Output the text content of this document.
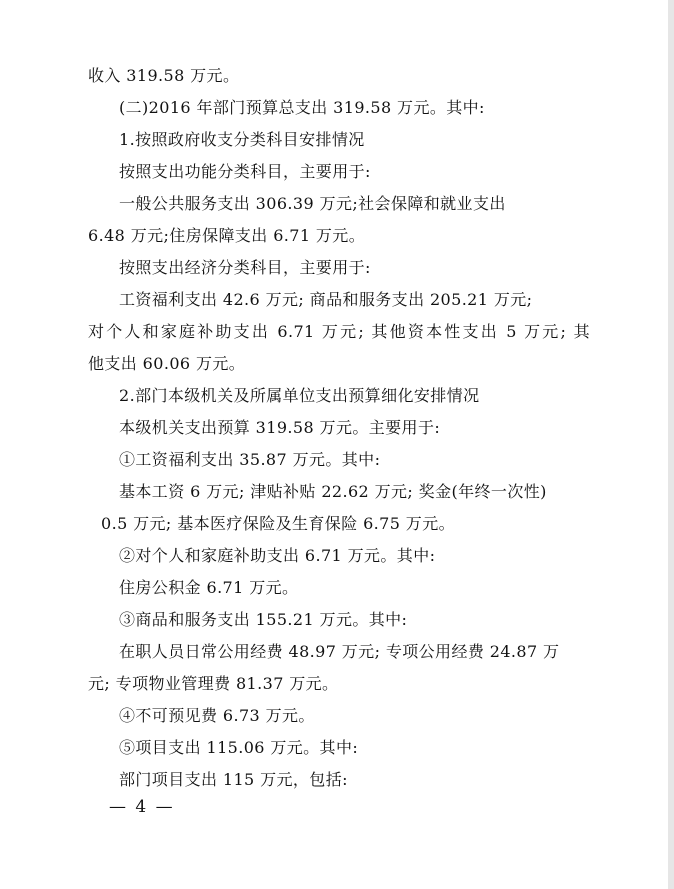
收入 319.58 万元。
(二)2016 年部门预算总支出 319.58 万元。其中:
1.按照政府收支分类科目安排情况
按照支出功能分类科目，主要用于:
一般公共服务支出 306.39 万元;社会保障和就业支出
6.48 万元;住房保障支出 6.71 万元。
按照支出经济分类科目，主要用于:
工资福利支出 42.6 万元; 商品和服务支出 205.21 万元;
对个人和家庭补助支出 6.71 万元; 其他资本性支出 5 万元; 其
他支出 60.06 万元。
2.部门本级机关及所属单位支出预算细化安排情况
本级机关支出预算 319.58 万元。主要用于:
①工资福利支出 35.87 万元。其中:
基本工资 6 万元; 津贴补贴 22.62 万元; 奖金(年终一次性)
0.5 万元; 基本医疗保险及生育保险 6.75 万元。
②对个人和家庭补助支出 6.71 万元。其中:
住房公积金 6.71 万元。
③商品和服务支出 155.21 万元。其中:
在职人员日常公用经费 48.97 万元; 专项公用经费 24.87 万
元; 专项物业管理费 81.37 万元。
④不可预见费 6.73 万元。
⑤项目支出 115.06 万元。其中:
部门项目支出 115 万元，包括:
— 4 —
